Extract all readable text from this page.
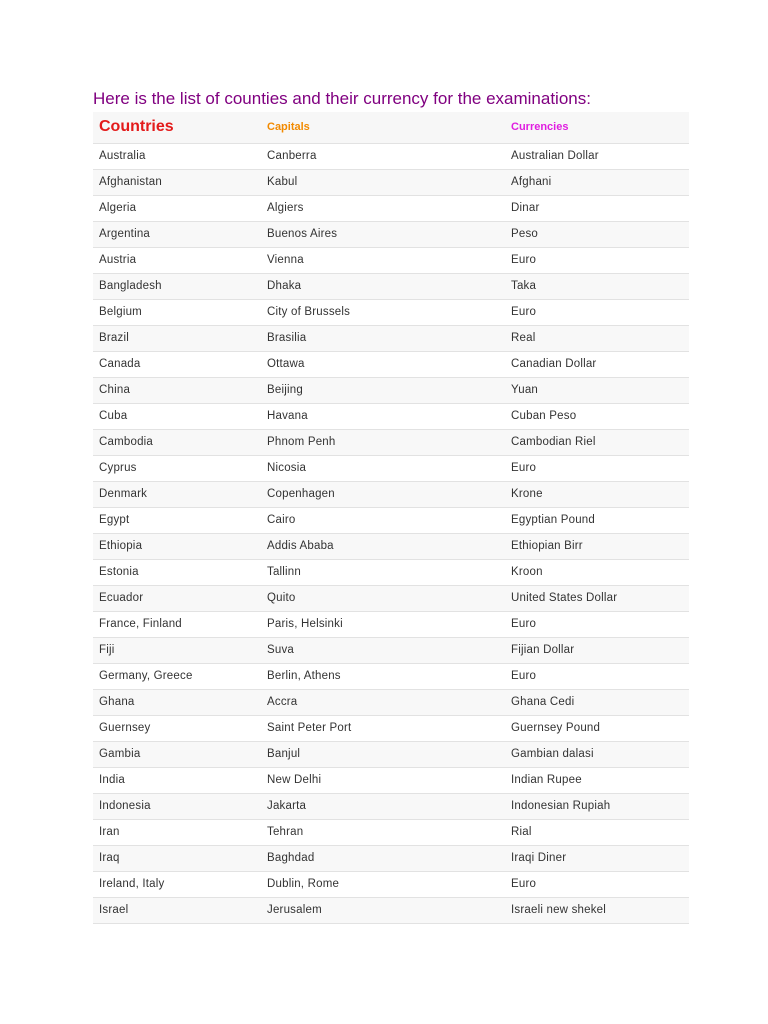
Here is the list of counties and their currency for the examinations:
Countries	Capitals	Currencies
Australia	Canberra	Australian Dollar
Afghanistan	Kabul	Afghani
Algeria	Algiers	Dinar
Argentina	Buenos Aires	Peso
Austria	Vienna	Euro
Bangladesh	Dhaka	Taka
Belgium	City of Brussels	Euro
Brazil	Brasilia	Real
Canada	Ottawa	Canadian Dollar
China	Beijing	Yuan
Cuba	Havana	Cuban Peso
Cambodia	Phnom Penh	Cambodian Riel
Cyprus	Nicosia	Euro
Denmark	Copenhagen	Krone
Egypt	Cairo	Egyptian Pound
Ethiopia	Addis Ababa	Ethiopian Birr
Estonia	Tallinn	Kroon
Ecuador	Quito	United States Dollar
France, Finland	Paris, Helsinki	Euro
Fiji	Suva	Fijian Dollar
Germany, Greece	Berlin, Athens	Euro
Ghana	Accra	Ghana Cedi
Guernsey	Saint Peter Port	Guernsey Pound
Gambia	Banjul	Gambian dalasi
India	New Delhi	Indian Rupee
Indonesia	Jakarta	Indonesian Rupiah
Iran	Tehran	Rial
Iraq	Baghdad	Iraqi Diner
Ireland, Italy	Dublin, Rome	Euro
Israel	Jerusalem	Israeli new shekel
